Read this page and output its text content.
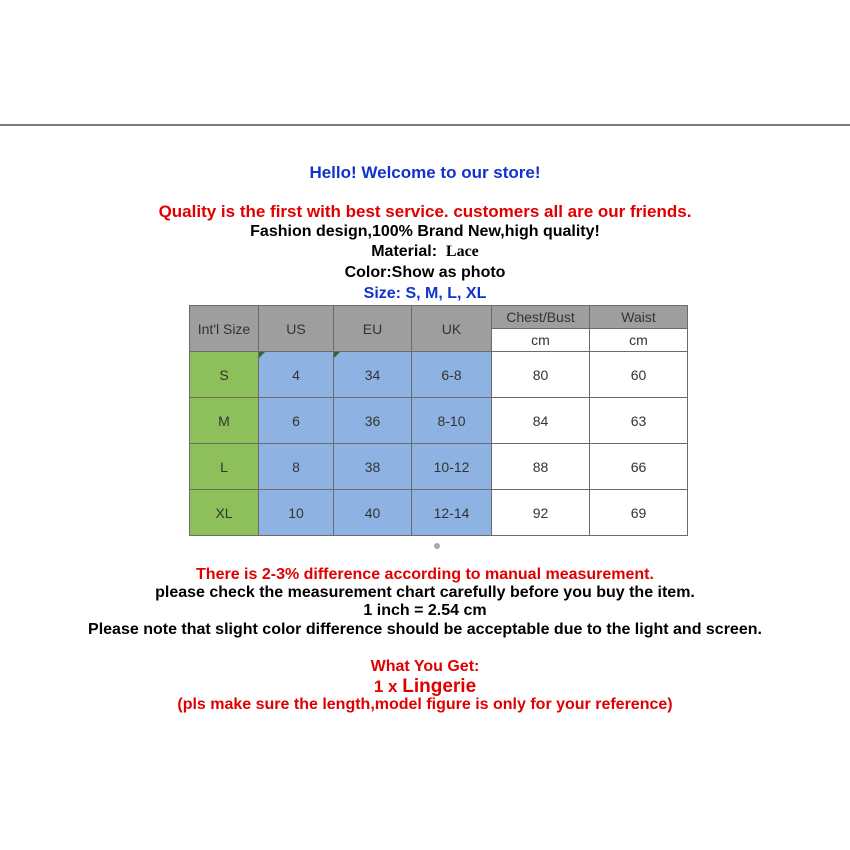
Hello! Welcome to our store!
Quality is the first with best service. customers all are our friends.
Fashion design,100% Brand New,high quality!
Material: Lace
Color:Show as photo
Size: S, M, L, XL
Int'l Size	US	EU	UK	Chest/Bust	Waist
				cm	cm
S	4	34	6-8	80	60
M	6	36	8-10	84	63
L	8	38	10-12	88	66
XL	10	40	12-14	92	69
There is 2-3% difference according to manual measurement.
please check the measurement chart carefully before you buy the item.
1 inch = 2.54 cm
Please note that slight color difference should be acceptable due to the light and screen.
What You Get:
1 x Lingerie
(pls make sure the length,model figure is only for your reference)
